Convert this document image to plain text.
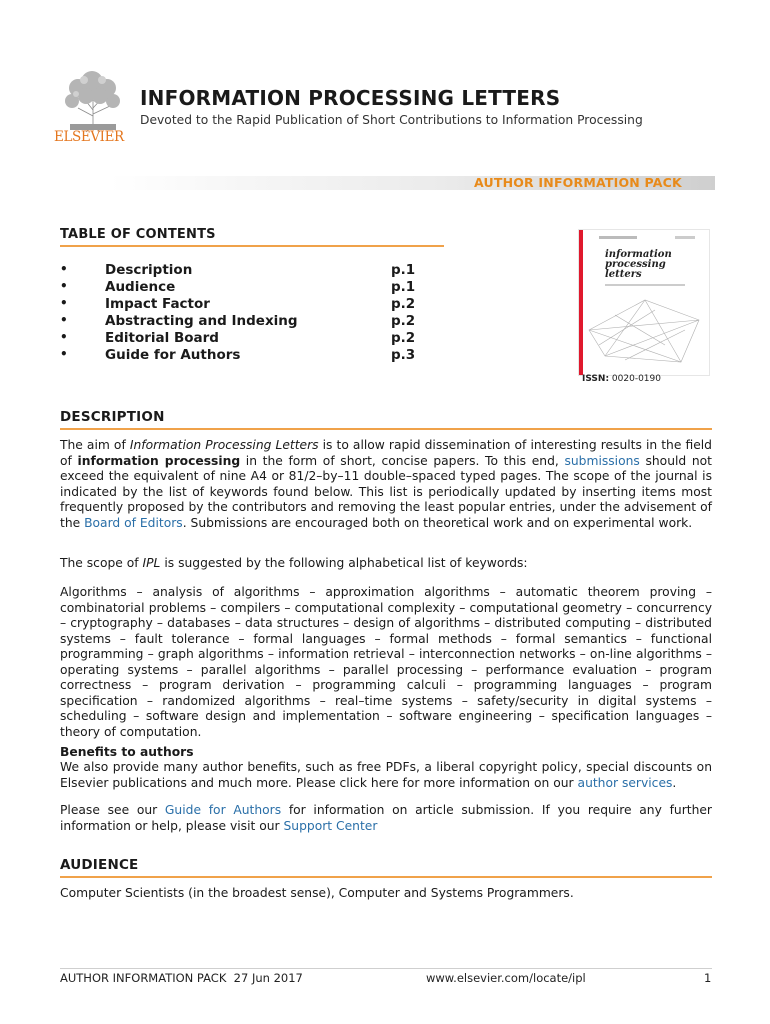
ELSEVIER
INFORMATION PROCESSING LETTERS
Devoted to the Rapid Publication of Short Contributions to Information Processing
AUTHOR INFORMATION PACK
TABLE OF CONTENTS
•	Description	p.1
•	Audience	p.1
•	Impact Factor	p.2
•	Abstracting and Indexing	p.2
•	Editorial Board	p.2
•	Guide for Authors	p.3
information processing letters
ISSN: 0020-0190
DESCRIPTION
The aim of Information Processing Letters is to allow rapid dissemination of interesting results in the field of information processing in the form of short, concise papers. To this end, submissions should not exceed the equivalent of nine A4 or 81/2–by–11 double–spaced typed pages. The scope of the journal is indicated by the list of keywords found below. This list is periodically updated by inserting items most frequently proposed by the contributors and removing the least popular entries, under the advisement of the Board of Editors. Submissions are encouraged both on theoretical work and on experimental work.
The scope of IPL is suggested by the following alphabetical list of keywords:
Algorithms – analysis of algorithms – approximation algorithms – automatic theorem proving – combinatorial problems – compilers – computational complexity – computational geometry – concurrency – cryptography – databases – data structures – design of algorithms – distributed computing – distributed systems – fault tolerance – formal languages – formal methods – formal semantics – functional programming – graph algorithms – information retrieval – interconnection networks – on-line algorithms – operating systems – parallel algorithms – parallel processing – performance evaluation – program correctness – program derivation – programming calculi – programming languages – program specification – randomized algorithms – real–time systems – safety/security in digital systems – scheduling – software design and implementation – software engineering – specification languages – theory of computation.
Benefits to authors
We also provide many author benefits, such as free PDFs, a liberal copyright policy, special discounts on Elsevier publications and much more. Please click here for more information on our author services.
Please see our Guide for Authors for information on article submission. If you require any further information or help, please visit our Support Center
AUDIENCE
Computer Scientists (in the broadest sense), Computer and Systems Programmers.
AUTHOR INFORMATION PACK  27 Jun 2017	www.elsevier.com/locate/ipl	1
